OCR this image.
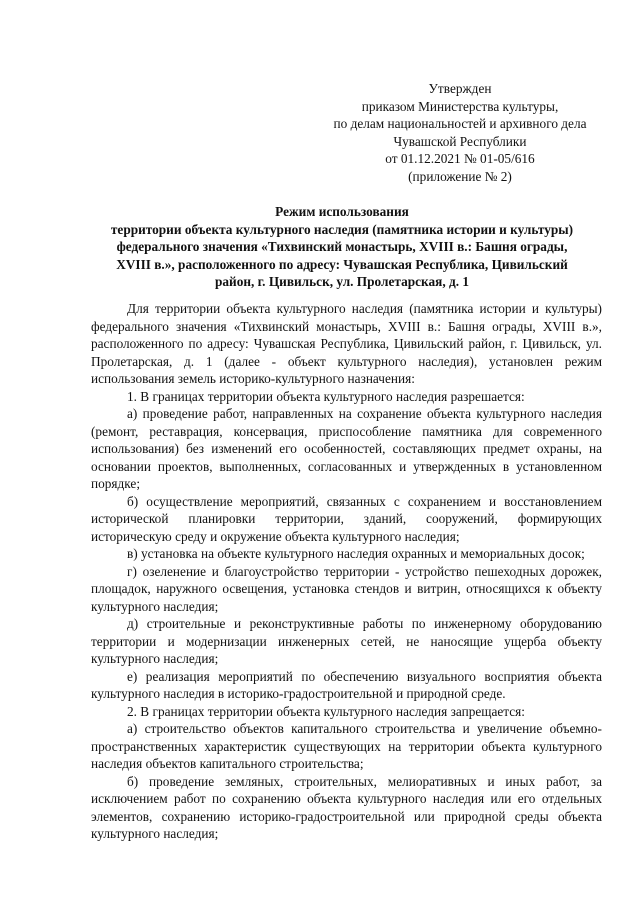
Утвержден
приказом Министерства культуры,
по делам национальностей и архивного дела
Чувашской Республики
от 01.12.2021 № 01-05/616
(приложение № 2)
Режим использования
территории объекта культурного наследия (памятника истории и культуры)
федерального значения «Тихвинский монастырь, XVIII в.: Башня ограды,
XVIII в.», расположенного по адресу: Чувашская Республика, Цивильский
район, г. Цивильск, ул. Пролетарская, д. 1

Для территории объекта культурного наследия (памятника истории и культуры) федерального значения «Тихвинский монастырь, XVIII в.: Башня ограды, XVIII в.», расположенного по адресу: Чувашская Республика, Цивильский район, г. Цивильск, ул. Пролетарская, д. 1 (далее - объект культурного наследия), установлен режим использования земель историко-культурного назначения:

1. В границах территории объекта культурного наследия разрешается:

а) проведение работ, направленных на сохранение объекта культурного наследия (ремонт, реставрация, консервация, приспособление памятника для современного использования) без изменений его особенностей, составляющих предмет охраны, на основании проектов, выполненных, согласованных и утвержденных в установленном порядке;

б) осуществление мероприятий, связанных с сохранением и восстановлением исторической планировки территории, зданий, сооружений, формирующих историческую среду и окружение объекта культурного наследия;

в) установка на объекте культурного наследия охранных и мемориальных досок;

г) озеленение и благоустройство территории - устройство пешеходных дорожек, площадок, наружного освещения, установка стендов и витрин, относящихся к объекту культурного наследия;

д) строительные и реконструктивные работы по инженерному оборудованию территории и модернизации инженерных сетей, не наносящие ущерба объекту культурного наследия;

е) реализация мероприятий по обеспечению визуального восприятия объекта культурного наследия в историко-градостроительной и природной среде.

2. В границах территории объекта культурного наследия запрещается:

а) строительство объектов капитального строительства и увеличение объемно-пространственных характеристик существующих на территории объекта культурного наследия объектов капитального строительства;

б) проведение земляных, строительных, мелиоративных и иных работ, за исключением работ по сохранению объекта культурного наследия или его отдельных элементов, сохранению историко-градостроительной или природной среды объекта культурного наследия;
